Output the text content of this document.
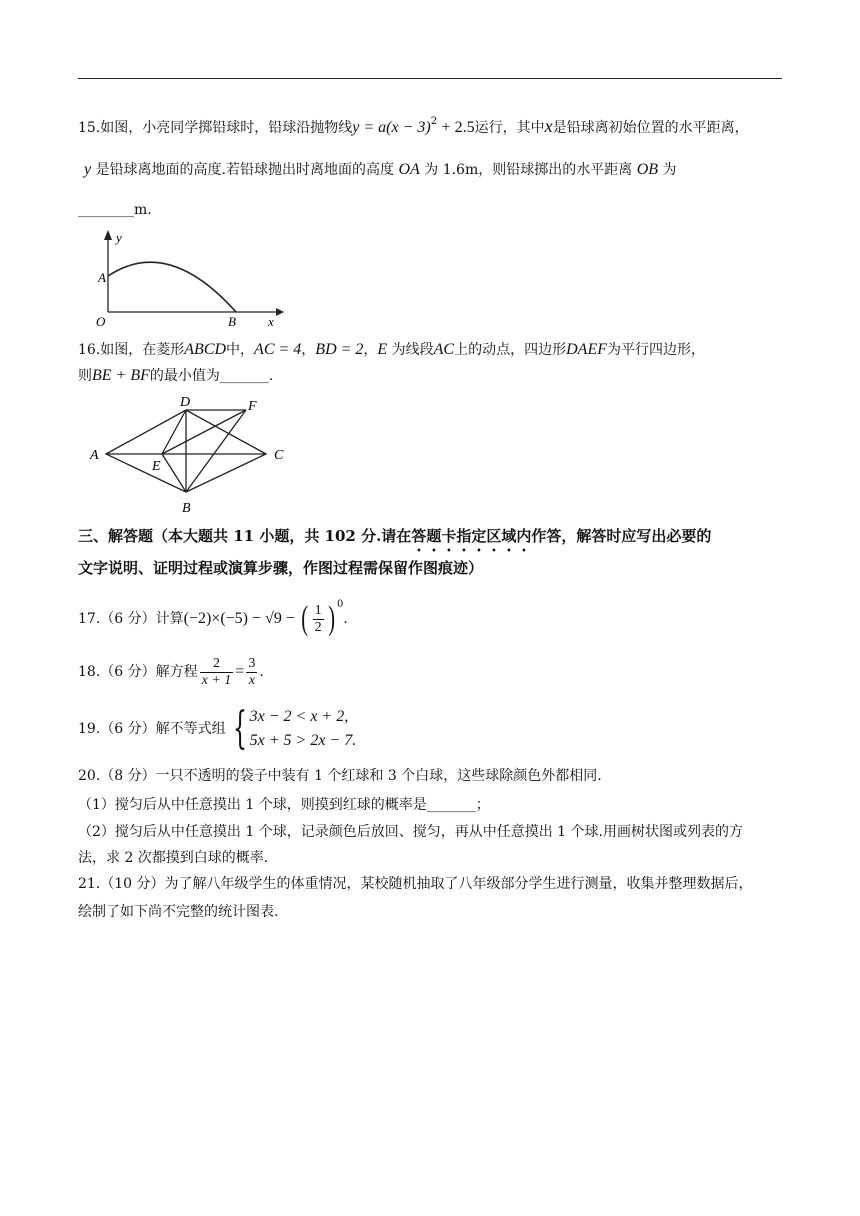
15.如图，小亮同学掷铅球时，铅球沿抛物线$y = a(x - 3)^2 + 2.5$运行，其中x是铅球离初始位置的水平距离，
y 是铅球离地面的高度.若铅球抛出时离地面的高度 OA 为 1.6m，则铅球掷出的水平距离 OB 为
________m.
y
A
O	B x
16.如图，在菱形ABCD中，AC = 4，BD = 2，E 为线段AC上的动点，四边形DAEF为平行四边形，
则BE + BF的最小值为_______.
D	F
A
E
C
B
三、解答题（本大题共 11 小题，共 102 分.请在答题卡指定区域内作答，解答时应写出必要的
文字说明、证明过程或演算步骤，作图过程需保留作图痕迹）
17.（6 分）计算(−2)×(−5) − √9 − ( $\frac{1}{2}$ ) $^0$.
18.（6 分）解方程 $\frac{2}{x + 1} = \frac{3}{x}$ .
19.（6 分）解不等式组 { 3x − 2 < x + 2,
5x + 5 > 2x − 7.
20.（8 分）一只不透明的袋子中装有 1 个红球和 3 个白球，这些球除颜色外都相同.
（1）搅匀后从中任意摸出 1 个球，则摸到红球的概率是_______；
（2）搅匀后从中任意摸出 1 个球，记录颜色后放回、搅匀，再从中任意摸出 1 个球.用画树状图或列表的方
法，求 2 次都摸到白球的概率.
21.（10 分）为了解八年级学生的体重情况，某校随机抽取了八年级部分学生进行测量，收集并整理数据后，
绘制了如下尚不完整的统计图表.
